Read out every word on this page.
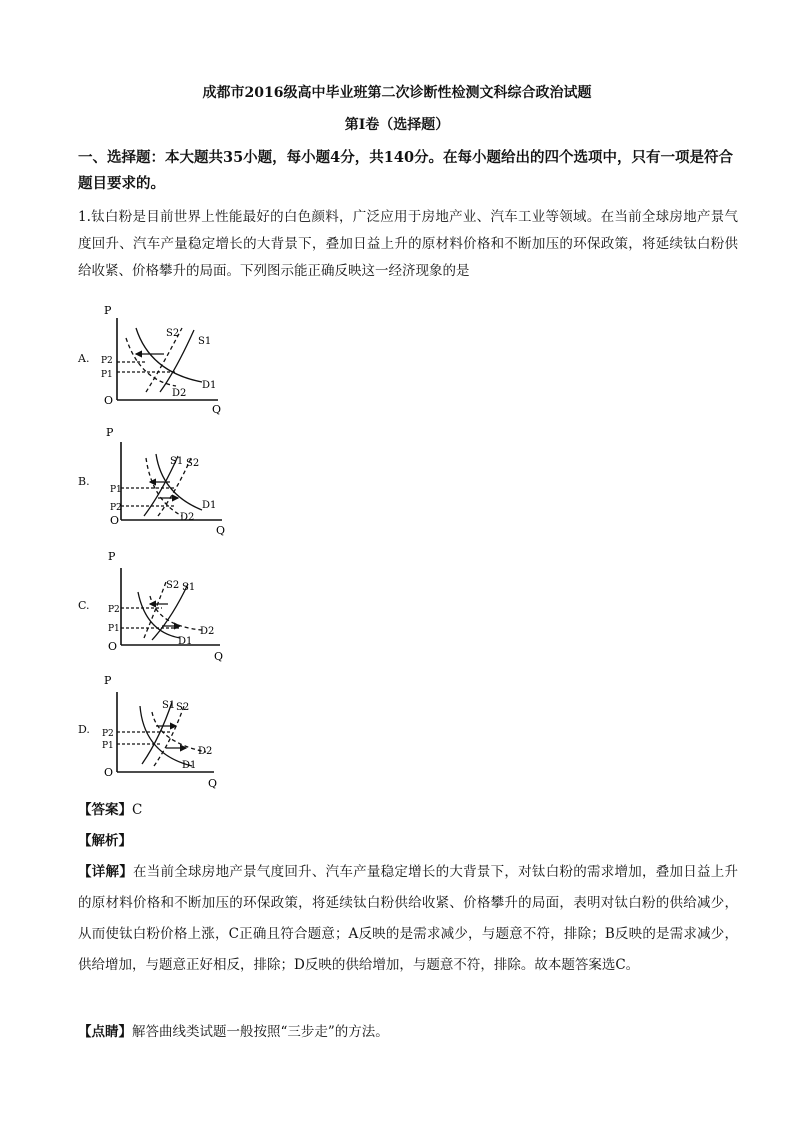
成都市2016级高中毕业班第二次诊断性检测文科综合政治试题
第Ⅰ卷（选择题）
一、选择题：本大题共35小题，每小题4分，共140分。在每小题给出的四个选项中，只有一项是符合题目要求的。

1.钛白粉是目前世界上性能最好的白色颜料，广泛应用于房地产业、汽车工业等领域。在当前全球房地产景气度回升、汽车产量稳定增长的大背景下，叠加日益上升的原材料价格和不断加压的环保政策，将延续钛白粉供给收紧、价格攀升的局面。下列图示能正确反映这一经济现象的是

A.
P
Q
O
P2
P1
S2
S1
D1
D2
B.
P
Q
O
P1
P2
S1 S2
D1
D2
C.
P
Q
O
P2
P1
S2 S1
D1
D2
D.
P
Q
O
P2
P1
S1 S2
D1
D2

【答案】C

【解析】

【详解】在当前全球房地产景气度回升、汽车产量稳定增长的大背景下，对钛白粉的需求增加，叠加日益上升的原材料价格和不断加压的环保政策，将延续钛白粉供给收紧、价格攀升的局面，表明对钛白粉的供给减少，从而使钛白粉价格上涨，C正确且符合题意；A反映的是需求减少，与题意不符，排除；B反映的是需求减少，供给增加，与题意正好相反，排除；D反映的供给增加，与题意不符，排除。故本题答案选C。

【点睛】解答曲线类试题一般按照“三步走”的方法。
